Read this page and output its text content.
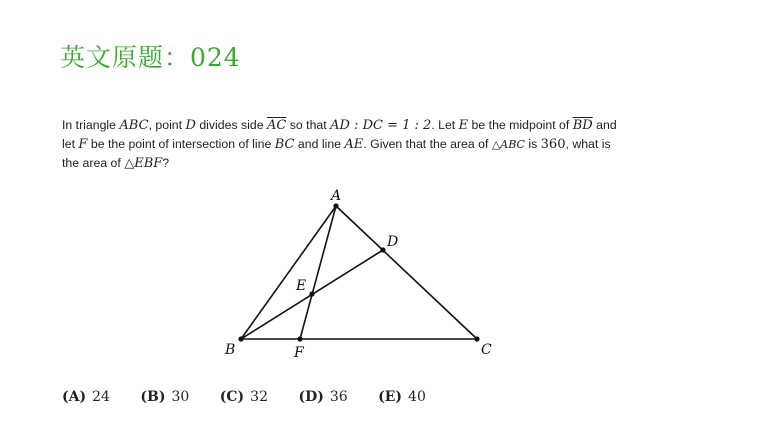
英文原题：024
In triangle ABC, point D divides side $\overline{AC}$ so that AD : DC = 1 : 2. Let E be the midpoint of $\overline{BD}$ and
let F be the point of intersection of line BC and line AE. Given that the area of △ABC is 360, what is
the area of △EBF?
A
B	C
D
E
F
(A) 24 (B) 30 (C) 32 (D) 36 (E) 40
